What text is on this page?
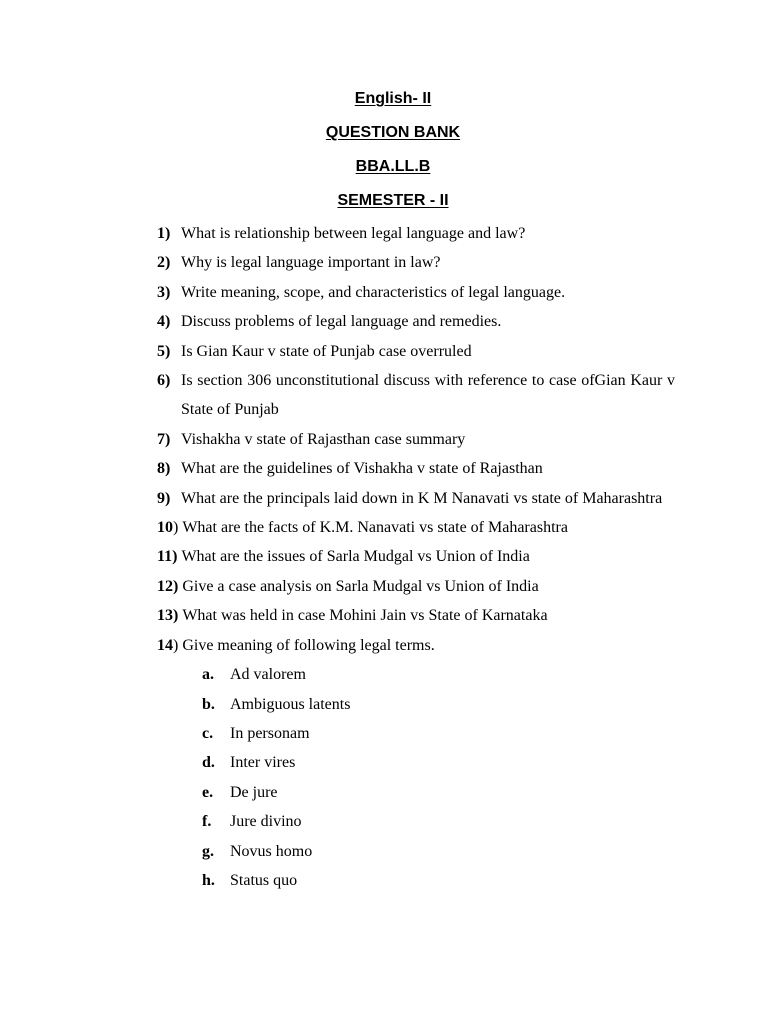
English- II
QUESTION BANK
BBA.LL.B
SEMESTER - II
1) What is relationship between legal language and law?
2) Why is legal language important in law?
3) Write meaning, scope, and characteristics of legal language.
4) Discuss problems of legal language and remedies.
5) Is Gian Kaur v state of Punjab case overruled
6) Is section 306 unconstitutional discuss with reference to case ofGian Kaur v State of Punjab
7) Vishakha v state of Rajasthan case summary
8) What are the guidelines of Vishakha v state of Rajasthan
9) What are the principals laid down in K M Nanavati vs state of Maharashtra
10) What are the facts of K.M. Nanavati vs state of Maharashtra
11) What are the issues of Sarla Mudgal vs Union of India
12) Give a case analysis on Sarla Mudgal vs Union of India
13) What was held in case Mohini Jain vs State of Karnataka
14) Give meaning of following legal terms.
a.	Ad valorem
b. Ambiguous latents
c.	In personam
d. Inter vires
e.	De jure
f.	Jure divino
g.	Novus homo
h. Status quo
